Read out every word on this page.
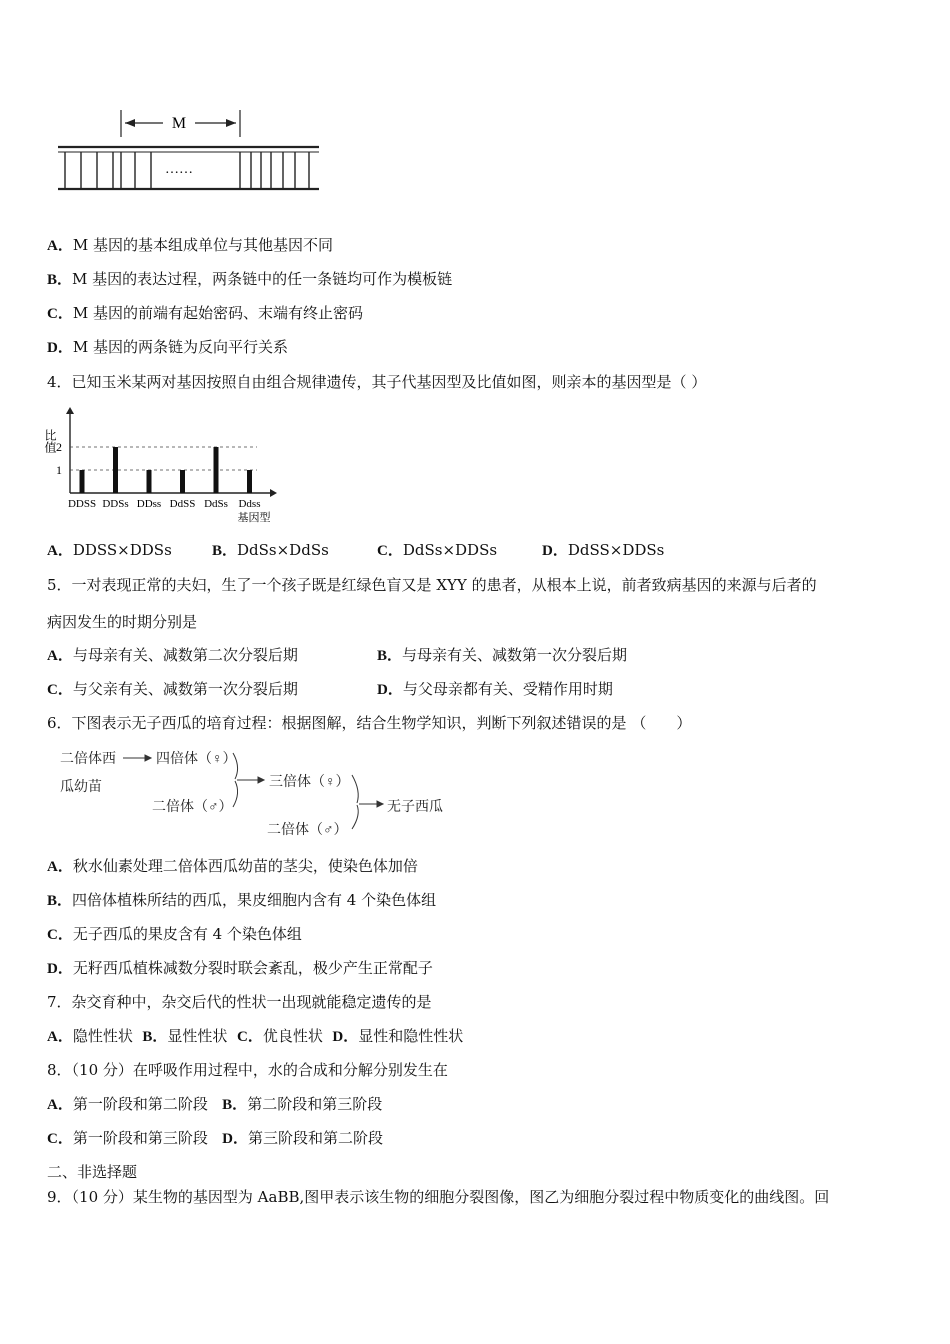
M
……
A．M 基因的基本组成单位与其他基因不同
B．M 基因的表达过程，两条链中的任一条链均可作为模板链
C．M 基因的前端有起始密码、末端有终止密码
D．M 基因的两条链为反向平行关系
4．已知玉米某两对基因按照自由组合规律遗传，其子代基因型及比值如图，则亲本的基因型是（ ）
1
2
比值
DDSS DDSs DDss DdSS DdSs Ddss
基因型
A．DDSS×DDSs	B．DdSs×DdSs	C．DdSs×DDSs	D．DdSS×DDSs
5．一对表现正常的夫妇，生了一个孩子既是红绿色盲又是 XYY 的患者，从根本上说，前者致病基因的来源与后者的
病因发生的时期分别是
A．与母亲有关、减数第二次分裂后期	B．与母亲有关、减数第一次分裂后期
C．与父亲有关、减数第一次分裂后期	D．与父母亲都有关、受精作用时期
6．下图表示无子西瓜的培育过程：根据图解，结合生物学知识，判断下列叙述错误的是 （　　）
二倍体西
瓜幼苗
四倍体（♀）
二倍体（♂）
三倍体（♀）
二倍体（♂）
无子西瓜
A．秋水仙素处理二倍体西瓜幼苗的茎尖，使染色体加倍
B．四倍体植株所结的西瓜，果皮细胞内含有 4 个染色体组
C．无子西瓜的果皮含有 4 个染色体组
D．无籽西瓜植株减数分裂时联会紊乱，极少产生正常配子
7．杂交育种中，杂交后代的性状一出现就能稳定遗传的是
A．隐性性状 B．显性性状 C．优良性状 D．显性和隐性性状
8．（10 分）在呼吸作用过程中，水的合成和分解分别发生在
A．第一阶段和第二阶段 B．第二阶段和第三阶段
C．第一阶段和第三阶段 D．第三阶段和第二阶段
二、非选择题
9．（10 分）某生物的基因型为 AaBB,图甲表示该生物的细胞分裂图像，图乙为细胞分裂过程中物质变化的曲线图。回
